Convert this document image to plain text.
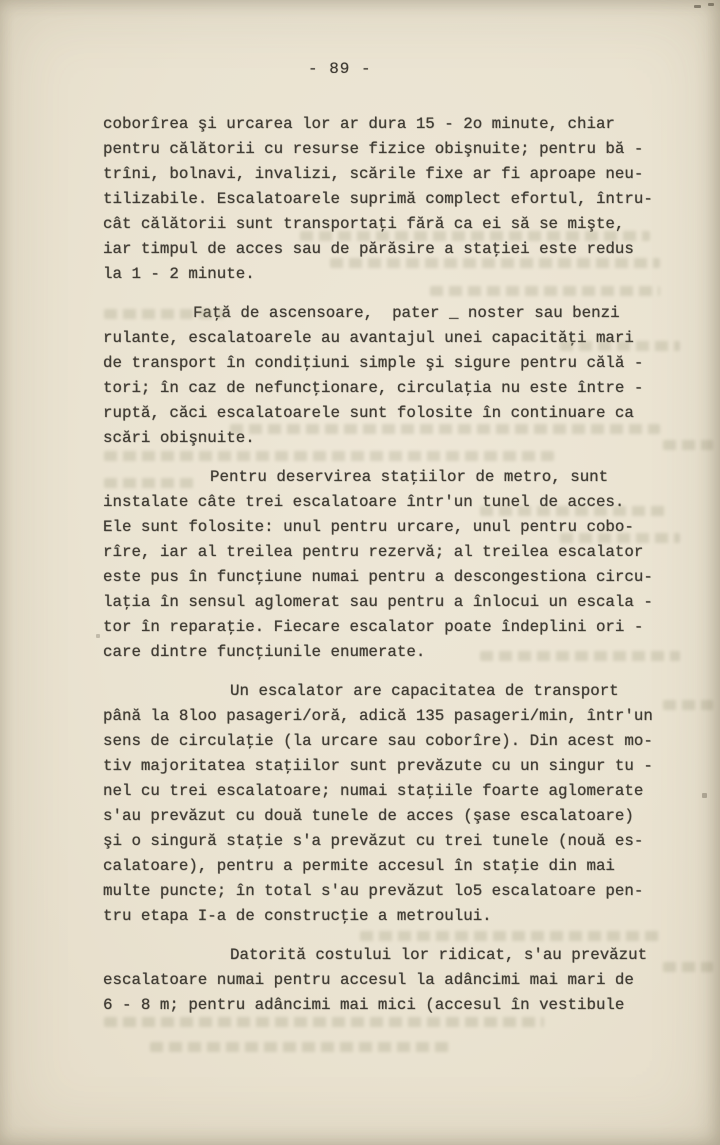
- 89 -
coborîrea şi urcarea lor ar dura 15 - 2o minute, chiar
pentru călătorii cu resurse fizice obişnuite; pentru bă -
trîni, bolnavi, invalizi, scările fixe ar fi aproape neu-
tilizabile. Escalatoarele suprimă complect efortul, întru-
cât călătorii sunt transportaţi fără ca ei să se mişte,
iar timpul de acces sau de părăsire a staţiei este redus
la 1 - 2 minute.
Faţă de ascensoare,  pater _ noster sau benzi
rulante, escalatoarele au avantajul unei capacităţi mari
de transport în condiţiuni simple şi sigure pentru călă -
tori; în caz de nefuncţionare, circulaţia nu este între -
ruptă, căci escalatoarele sunt folosite în continuare ca
scări obişnuite.
Pentru deservirea staţiilor de metro, sunt
instalate câte trei escalatoare într'un tunel de acces.
Ele sunt folosite: unul pentru urcare, unul pentru cobo-
rîre, iar al treilea pentru rezervă; al treilea escalator
este pus în funcţiune numai pentru a descongestiona circu-
laţia în sensul aglomerat sau pentru a înlocui un escala -
tor în reparaţie. Fiecare escalator poate îndeplini ori -
care dintre funcţiunile enumerate.
Un escalator are capacitatea de transport
până la 8loo pasageri/oră, adică 135 pasageri/min, într'un
sens de circulaţie (la urcare sau coborîre). Din acest mo-
tiv majoritatea staţiilor sunt prevăzute cu un singur tu -
nel cu trei escalatoare; numai staţiile foarte aglomerate
s'au prevăzut cu două tunele de acces (şase escalatoare)
şi o singură staţie s'a prevăzut cu trei tunele (nouă es-
calatoare), pentru a permite accesul în staţie din mai
multe puncte; în total s'au prevăzut lo5 escalatoare pen-
tru etapa I-a de construcţie a metroului.
Datorită costului lor ridicat, s'au prevăzut
escalatoare numai pentru accesul la adâncimi mai mari de
6 - 8 m; pentru adâncimi mai mici (accesul în vestibule
